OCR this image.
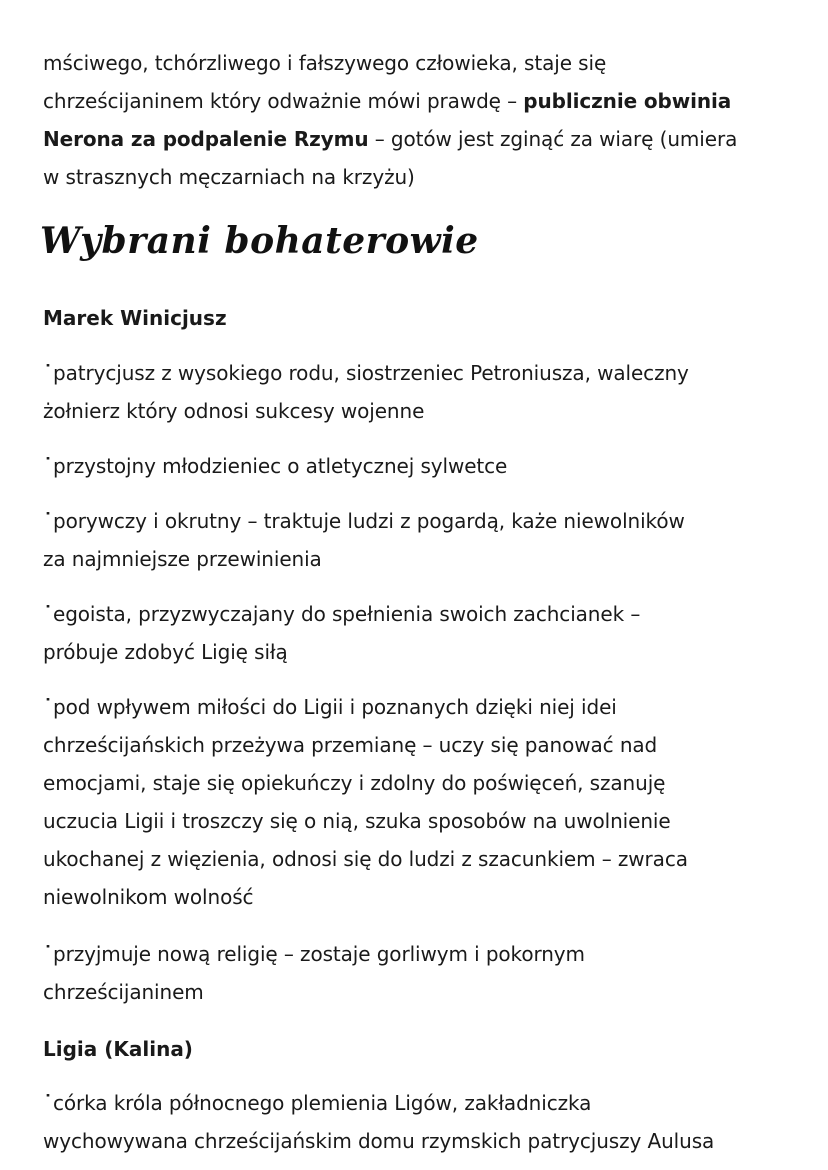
mściwego, tchórzliwego i fałszywego człowieka, staje się
chrześcijaninem który odważnie mówi prawdę – publicznie obwinia
Nerona za podpalenie Rzymu – gotów jest zginąć za wiarę (umiera
w strasznych męczarniach na krzyżu)
Wybrani bohaterowie
Marek Winicjusz
˙ patrycjusz z wysokiego rodu, siostrzeniec Petroniusza, waleczny
żołnierz który odnosi sukcesy wojenne
˙ przystojny młodzieniec o atletycznej sylwetce
˙ porywczy i okrutny – traktuje ludzi z pogardą, każe niewolników
za najmniejsze przewinienia
˙ egoista, przyzwyczajany do spełnienia swoich zachcianek –
próbuje zdobyć Ligię siłą
˙ pod wpływem miłości do Ligii i poznanych dzięki niej idei
chrześcijańskich przeżywa przemianę – uczy się panować nad
emocjami, staje się opiekuńczy i zdolny do poświęceń, szanuję
uczucia Ligii i troszczy się o nią, szuka sposobów na uwolnienie
ukochanej z więzienia, odnosi się do ludzi z szacunkiem – zwraca
niewolnikom wolność
˙ przyjmuje nową religię – zostaje gorliwym i pokornym
chrześcijaninem
Ligia (Kalina)
˙ córka króla północnego plemienia Ligów, zakładniczka
wychowywana chrześcijańskim domu rzymskich patrycjuszy Aulusa
